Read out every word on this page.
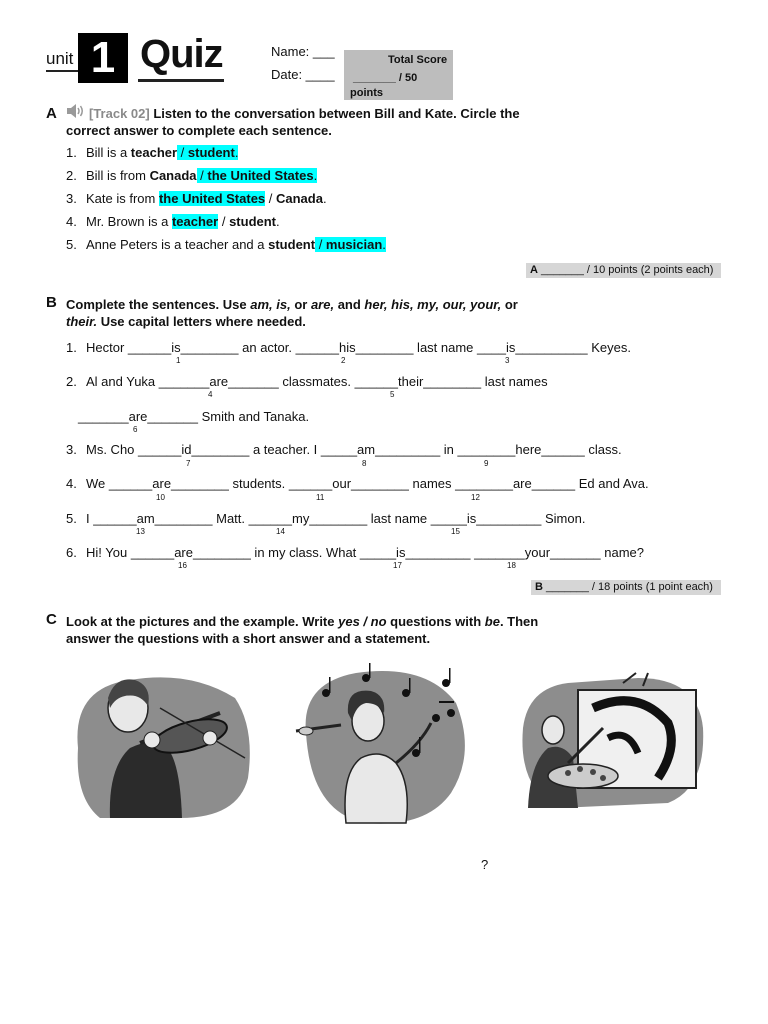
unit 1 Quiz	Name: ___
Date: ____
Total Score
_______ / 50
points
A [Track 02] Listen to the conversation between Bill and Kate. Circle the
correct answer to complete each sentence.
1. Bill is a teacher / student.
2. Bill is from Canada / the United States.
3. Kate is from the United States / Canada.
4. Mr. Brown is a teacher / student.
5. Anne Peters is a teacher and a student / musician.
A _______ / 10 points (2 points each)
B Complete the sentences. Use am, is, or are, and her, his, my, our, your, or
their. Use capital letters where needed.
1. Hector ______is________ an actor. ______his________ last name ____is__________ Keyes.
2. Al and Yuka _______are_______ classmates. ______their________ last names
_______are_______ Smith and Tanaka.
3. Ms. Cho ______id________ a teacher. I _____am_________ in ________here______ class.
4. We ______are________ students. ______our________ names ________are______ Ed and Ava.
5. I ______am________ Matt. ______my________ last name _____is_________ Simon.
6. Hi! You ______are________ in my class. What _____is_________ _______your_______ name?
1	2	3
4	5
6
7	8	9
10	11	12
13	14	15
16	17	18
B _______ / 18 points (1 point each)
C Look at the pictures and the example. Write yes / no questions with be. Then
answer the questions with a short answer and a statement.
?
